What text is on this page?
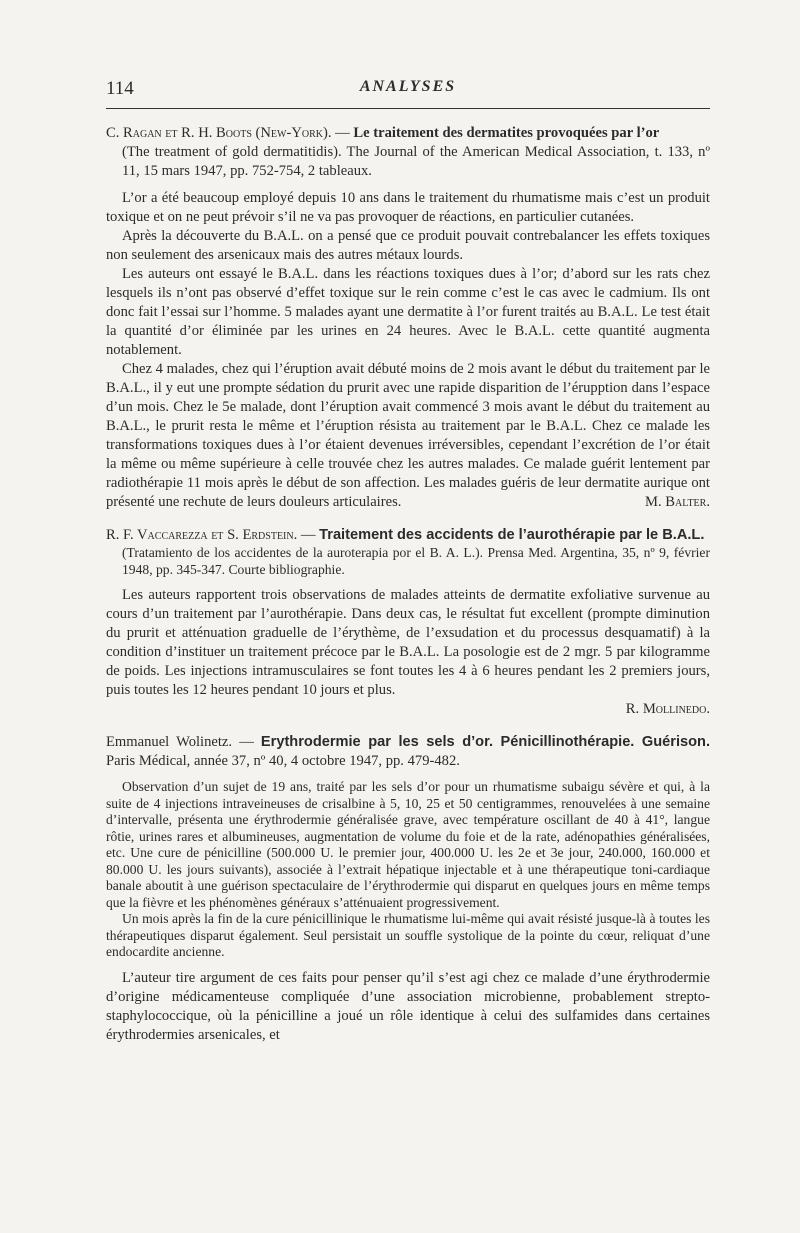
114	ANALYSES

C. Ragan et R. H. Boots (New-York). — Le traitement des dermatites provoquées par l’or
(The treatment of gold dermatitidis). The Journal of the American Medical Association, t. 133, nº 11, 15 mars 1947, pp. 752-754, 2 tableaux.

L’or a été beaucoup employé depuis 10 ans dans le traitement du rhumatisme mais c’est un produit toxique et on ne peut prévoir s’il ne va pas provoquer de réactions, en particulier cutanées.

Après la découverte du B.A.L. on a pensé que ce produit pouvait contrebalancer les effets toxiques non seulement des arsenicaux mais des autres métaux lourds.

Les auteurs ont essayé le B.A.L. dans les réactions toxiques dues à l’or; d’abord sur les rats chez lesquels ils n’ont pas observé d’effet toxique sur le rein comme c’est le cas avec le cadmium. Ils ont donc fait l’essai sur l’homme. 5 malades ayant une dermatite à l’or furent traités au B.A.L. Le test était la quantité d’or éliminée par les urines en 24 heures. Avec le B.A.L. cette quantité augmenta notablement.

Chez 4 malades, chez qui l’éruption avait débuté moins de 2 mois avant le début du traitement par le B.A.L., il y eut une prompte sédation du prurit avec une rapide disparition de l’érupption dans l’espace d’un mois. Chez le 5e malade, dont l’éruption avait commencé 3 mois avant le début du traitement au B.A.L., le prurit resta le même et l’éruption résista au traitement par le B.A.L. Chez ce malade les transformations toxiques dues à l’or étaient devenues irréversibles, cependant l’excrétion de l’or était la même ou même supérieure à celle trouvée chez les autres malades. Ce malade guérit lentement par radiothérapie 11 mois après le début de son affection. Les malades guéris de leur dermatite aurique ont présenté une rechute de leurs douleurs articulaires.	M. Balter.

R. F. Vaccarezza et S. Erdstein. — Traitement des accidents de l’aurothérapie par le B.A.L.
(Tratamiento de los accidentes de la auroterapia por el B. A. L.). Prensa Med. Argentina, 35, nº 9, février 1948, pp. 345-347. Courte bibliographie.

Les auteurs rapportent trois observations de malades atteints de dermatite exfoliative survenue au cours d’un traitement par l’aurothérapie. Dans deux cas, le résultat fut excellent (prompte diminution du prurit et atténuation graduelle de l’érythème, de l’exsudation et du processus desquamatif) à la condition d’instituer un traitement précoce par le B.A.L. La posologie est de 2 mgr. 5 par kilogramme de poids. Les injections intramusculaires se font toutes les 4 à 6 heures pendant les 2 premiers jours, puis toutes les 12 heures pendant 10 jours et plus.

R. Mollinedo.

Emmanuel Wolinetz. — Erythrodermie par les sels d’or. Pénicillinothérapie. Guérison. Paris Médical, année 37, nº 40, 4 octobre 1947, pp. 479-482.

Observation d’un sujet de 19 ans, traité par les sels d’or pour un rhumatisme subaigu sévère et qui, à la suite de 4 injections intraveineuses de crisalbine à 5, 10, 25 et 50 centigrammes, renouvelées à une semaine d’intervalle, présenta une érythrodermie généralisée grave, avec température oscillant de 40 à 41°, langue rôtie, urines rares et albumineuses, augmentation de volume du foie et de la rate, adénopathies généralisées, etc. Une cure de pénicilline (500.000 U. le premier jour, 400.000 U. les 2e et 3e jour, 240.000, 160.000 et 80.000 U. les jours suivants), associée à l’extrait hépatique injectable et à une thérapeutique toni-cardiaque banale aboutit à une guérison spectaculaire de l’érythrodermie qui disparut en quelques jours en même temps que la fièvre et les phénomènes généraux s’atténuaient progressivement.

Un mois après la fin de la cure pénicillinique le rhumatisme lui-même qui avait résisté jusque-là à toutes les thérapeutiques disparut également. Seul persistait un souffle systolique de la pointe du cœur, reliquat d’une endocardite ancienne.

L’auteur tire argument de ces faits pour penser qu’il s’est agi chez ce malade d’une érythrodermie d’origine médicamenteuse compliquée d’une association microbienne, probablement strepto-staphylococcique, où la pénicilline a joué un rôle identique à celui des sulfamides dans certaines érythrodermies arsenicales, et
